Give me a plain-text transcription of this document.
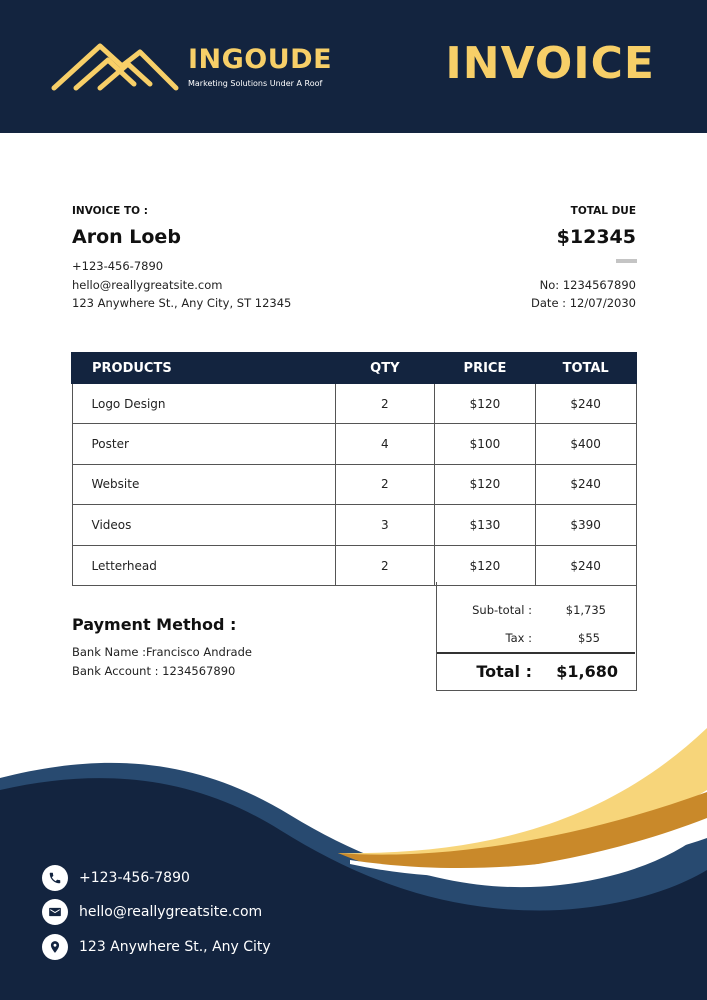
INGOUDE
Marketing Solutions Under A Roof	INVOICE
INVOICE TO :
Aron Loeb
+123-456-7890
hello@reallygreatsite.com
123 Anywhere St., Any City, ST 12345
TOTAL DUE
$12345
No: 1234567890
Date : 12/07/2030
PRODUCTS	QTY	PRICE	TOTAL
Logo Design	2	$120	$240
Poster	4	$100	$400
Website	2	$120	$240
Videos	3	$130	$390
Letterhead	2	$120	$240
Sub-total :	$1,735
Tax :	$55
Total : $1,680
Payment Method :
Bank Name :Francisco Andrade
Bank Account : 1234567890
+123-456-7890
hello@reallygreatsite.com
123 Anywhere St., Any City
